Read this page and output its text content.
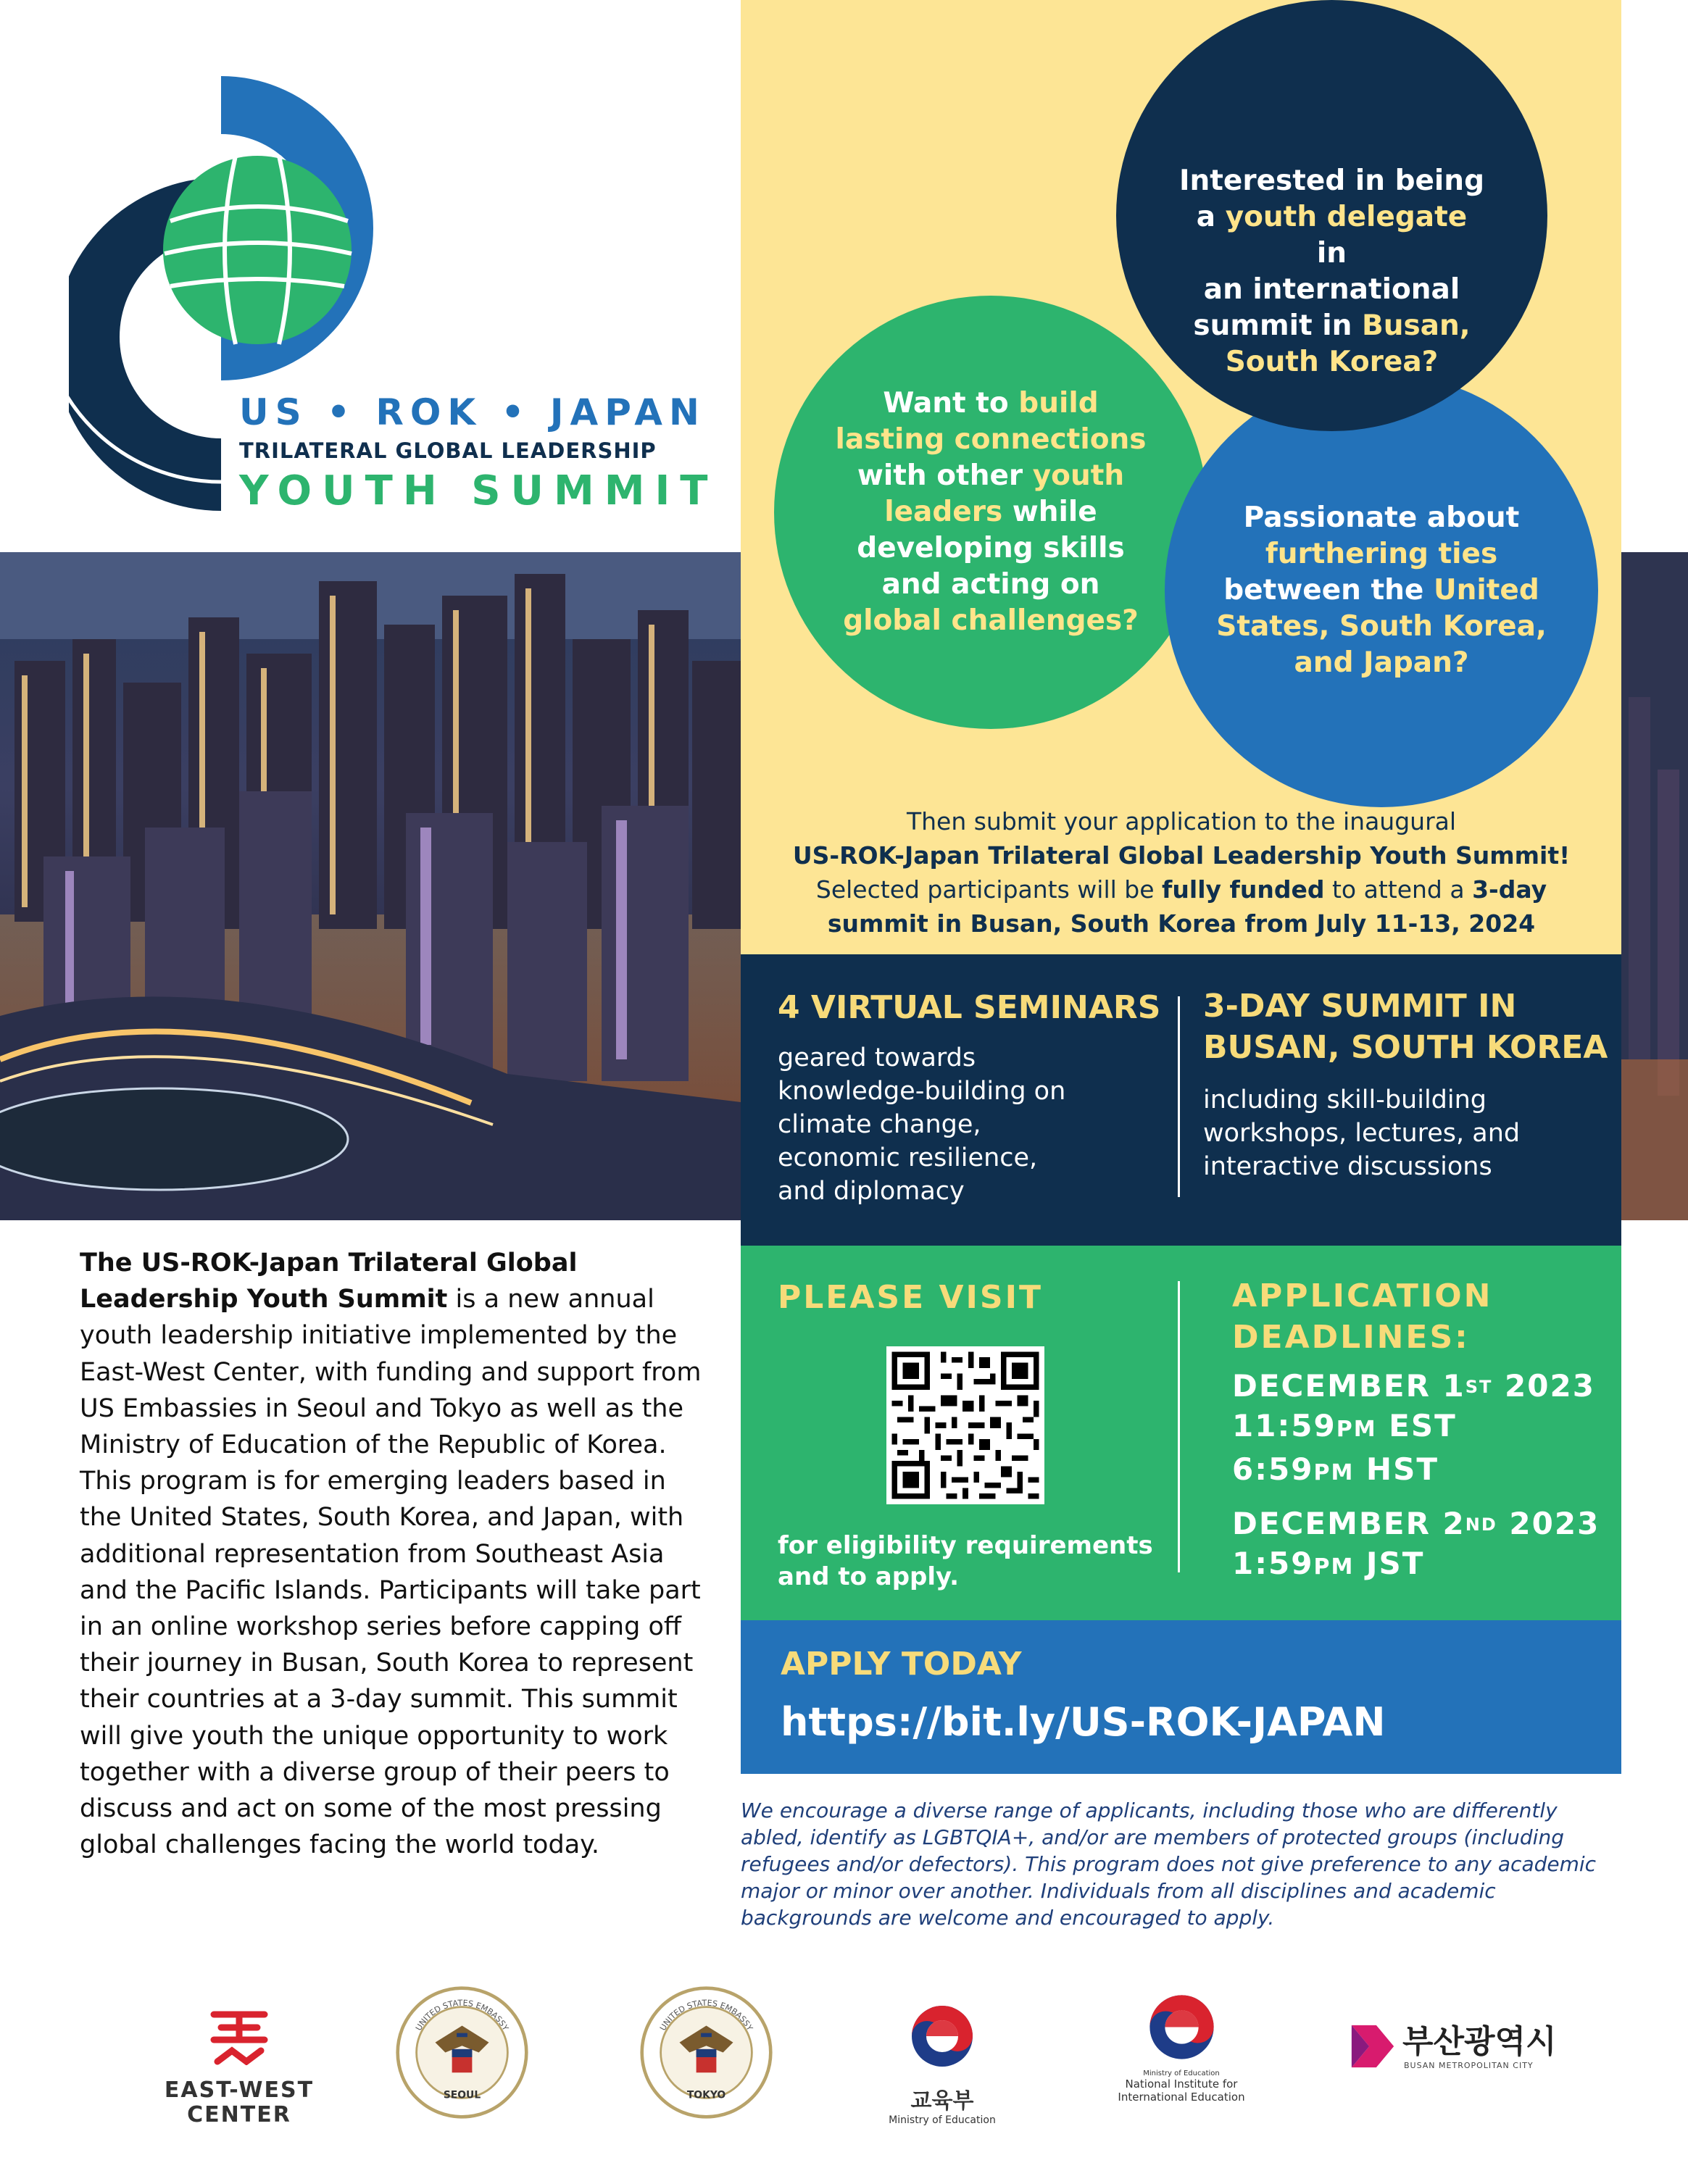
US • ROK • JAPAN
TRILATERAL GLOBAL LEADERSHIP
YOUTH SUMMIT
Want to build
lasting connections
with other youth
leaders while
developing skills
and acting on
global challenges?
Passionate about
furthering ties
between the United
States, South Korea,
and Japan?
Interested in being
a youth delegate in
an international
summit in Busan,
South Korea?
Then submit your application to the inaugural
US-ROK-Japan Trilateral Global Leadership Youth Summit!
Selected participants will be fully funded to attend a 3-day
summit in Busan, South Korea from July 11-13, 2024
4 VIRTUAL SEMINARS
geared towards
knowledge-building on
climate change,
economic resilience,
and diplomacy
3-DAY SUMMIT IN
BUSAN, SOUTH KOREA
including skill-building
workshops, lectures, and
interactive discussions
PLEASE VISIT
for eligibility requirements
and to apply.
APPLICATION
DEADLINES:
DECEMBER 1ST 2023
11:59PM EST
6:59PM HST
DECEMBER 2ND 2023
1:59PM JST
APPLY TODAY
https://bit.ly/US-ROK-JAPAN
We encourage a diverse range of applicants, including those who are differently abled, identify as LGBTQIA+, and/or are members of protected groups (including refugees and/or defectors). This program does not give preference to any academic major or minor over another. Individuals from all disciplines and academic backgrounds are welcome and encouraged to apply.
The US-ROK-Japan Trilateral Global Leadership Youth Summit is a new annual youth leadership initiative implemented by the East-West Center, with funding and support from US Embassies in Seoul and Tokyo as well as the Ministry of Education of the Republic of Korea. This program is for emerging leaders based in the United States, South Korea, and Japan, with additional representation from Southeast Asia and the Pacific Islands. Participants will take part in an online workshop series before capping off their journey in Busan, South Korea to represent their countries at a 3-day summit. This summit will give youth the unique opportunity to work together with a diverse group of their peers to discuss and act on some of the most pressing global challenges facing the world today.
EAST-WEST
CENTER
SEOUL
UNITED STATES EMBASSY
TOKYO
UNITED STATES EMBASSY
교육부
Ministry of Education
Ministry of Education
National Institute for
International Education
부산광역시
BUSAN METROPOLITAN CITY
